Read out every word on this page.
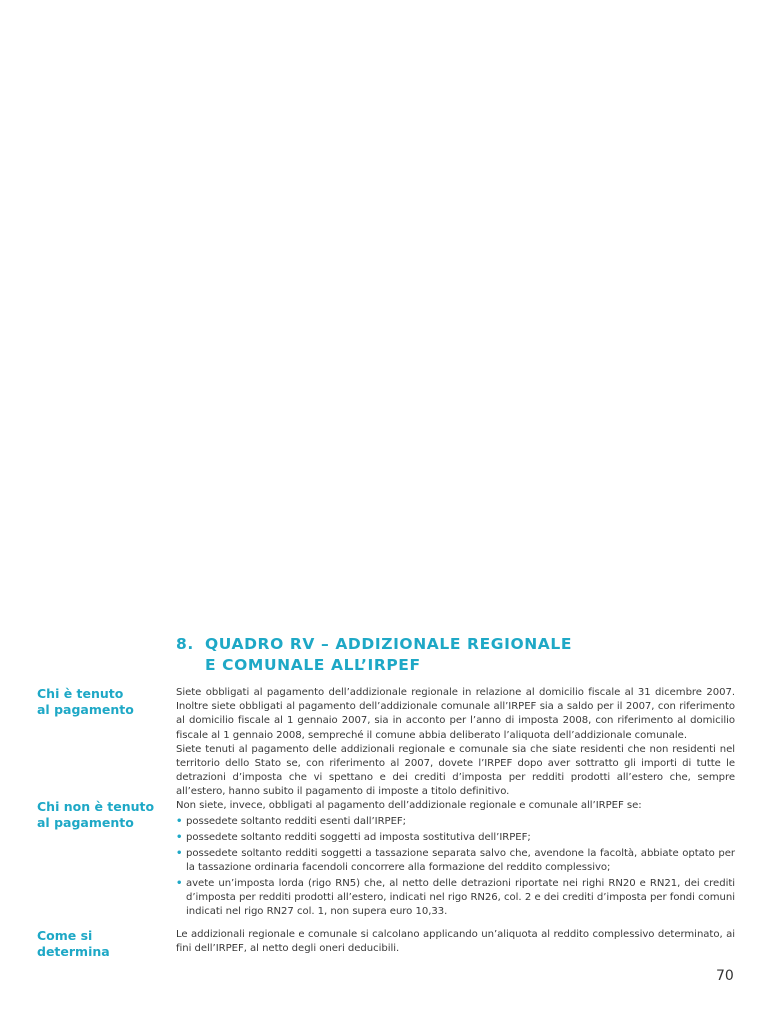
8. QUADRO RV – ADDIZIONALE REGIONALE
E COMUNALE ALL’IRPEF
Chi è tenuto
al pagamento

Siete obbligati al pagamento dell’addizionale regionale in relazione al domicilio fiscale al 31 dicembre 2007. Inoltre siete obbligati al pagamento dell’addizionale comunale all’IRPEF sia a saldo per il 2007, con riferimento al domicilio fiscale al 1 gennaio 2007, sia in acconto per l’anno di imposta 2008, con riferimento al domicilio fiscale al 1 gennaio 2008, sempreché il comune abbia deliberato l’aliquota dell’addizionale comunale.

Siete tenuti al pagamento delle addizionali regionale e comunale sia che siate residenti che non residenti nel territorio dello Stato se, con riferimento al 2007, dovete l’IRPEF dopo aver sottratto gli importi di tutte le detrazioni d’imposta che vi spettano e dei crediti d’imposta per redditi prodotti all’estero che, sempre all’estero, hanno subito il pagamento di imposte a titolo definitivo.

Chi non è tenuto
al pagamento

Non siete, invece, obbligati al pagamento dell’addizionale regionale e comunale all’IRPEF se:

• possedete soltanto redditi esenti dall’IRPEF;
• possedete soltanto redditi soggetti ad imposta sostitutiva dell’IRPEF;
• possedete soltanto redditi soggetti a tassazione separata salvo che, avendone la facoltà, abbiate optato per la tassazione ordinaria facendoli concorrere alla formazione del reddito complessivo;
• avete un’imposta lorda (rigo RN5) che, al netto delle detrazioni riportate nei righi RN20 e RN21, dei crediti d’imposta per redditi prodotti all’estero, indicati nel rigo RN26, col. 2 e dei crediti d’imposta per fondi comuni indicati nel rigo RN27 col. 1, non supera euro 10,33.
Come si determina

Le addizionali regionale e comunale si calcolano applicando un’aliquota al reddito complessivo determinato, ai fini dell’IRPEF, al netto degli oneri deducibili.

70
